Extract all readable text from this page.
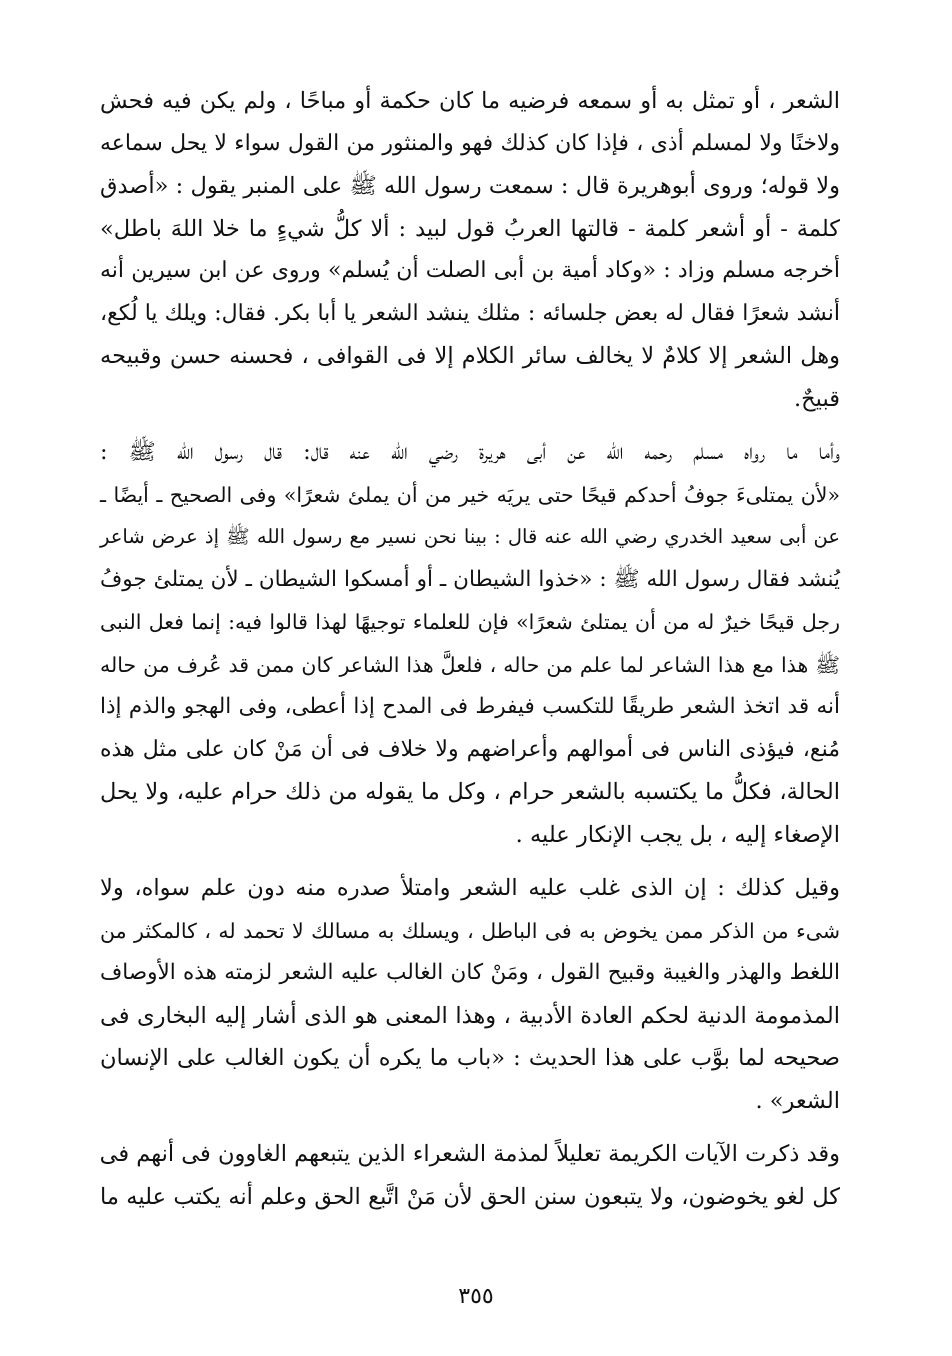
الشعر ، أو تمثل به أو سمعه فرضيه ما كان حكمة أو مباحًا ، ولم يكن فيه فحش
ولاخنًا ولا لمسلم أذى ، فإذا كان كذلك فهو والمنثور من القول سواء لا يحل سماعه
ولا قوله؛ وروى أبوهريرة قال : سمعت رسول الله ﷺ على المنبر يقول : «أصدق
كلمة - أو أشعر كلمة - قالتها العربُ قول لبيد : ألا كلُّ شيءٍ ما خلا اللهَ باطل»
أخرجه مسلم وزاد : «وكاد أمية بن أبى الصلت أن يُسلم» وروى عن ابن سيرين أنه
أنشد شعرًا فقال له بعض جلسائه : مثلك ينشد الشعر يا أبا بكر. فقال: ويلك يا لُكع،
وهل الشعر إلا كلامٌ لا يخالف سائر الكلام إلا فى القوافى ، فحسنه حسن وقبيحه
قبيحٌ.

وأما ما رواه مسلم رحمه الله عن أبى هريرة رضي الله عنه قال: قال رسول الله ﷺ :
«لأن يمتلىءَ جوفُ أحدكم قيحًا حتى يريَه خير من أن يملئ شعرًا» وفى الصحيح ـ أيضًا ـ
عن أبى سعيد الخدري رضي الله عنه قال : بينا نحن نسير مع رسول الله ﷺ إذ عرض شاعر
يُنشد فقال رسول الله ﷺ : «خذوا الشيطان ـ أو أمسكوا الشيطان ـ لأن يمتلئ جوفُ
رجل قيحًا خيرٌ له من أن يمتلئ شعرًا» فإن للعلماء توجيهًا لهذا قالوا فيه: إنما فعل النبى
ﷺ هذا مع هذا الشاعر لما علم من حاله ، فلعلَّ هذا الشاعر كان ممن قد عُرف من حاله
أنه قد اتخذ الشعر طريقًا للتكسب فيفرط فى المدح إذا أعطى، وفى الهجو والذم إذا
مُنع، فيؤذى الناس فى أموالهم وأعراضهم ولا خلاف فى أن مَنْ كان على مثل هذه
الحالة، فكلُّ ما يكتسبه بالشعر حرام ، وكل ما يقوله من ذلك حرام عليه، ولا يحل
الإصغاء إليه ، بل يجب الإنكار عليه .

وقيل كذلك : إن الذى غلب عليه الشعر وامتلأ صدره منه دون علم سواه، ولا
شىء من الذكر ممن يخوض به فى الباطل ، ويسلك به مسالك لا تحمد له ، كالمكثر من
اللغط والهذر والغيبة وقبيح القول ، ومَنْ كان الغالب عليه الشعر لزمته هذه الأوصاف
المذمومة الدنية لحكم العادة الأدبية ، وهذا المعنى هو الذى أشار إليه البخارى فى
صحيحه لما بوَّب على هذا الحديث : «باب ما يكره أن يكون الغالب على الإنسان
الشعر» .

وقد ذكرت الآيات الكريمة تعليلاً لمذمة الشعراء الذين يتبعهم الغاوون فى أنهم فى
كل لغو يخوضون، ولا يتبعون سنن الحق لأن مَنْ اتَّبع الحق وعلم أنه يكتب عليه ما

٣٥٥
